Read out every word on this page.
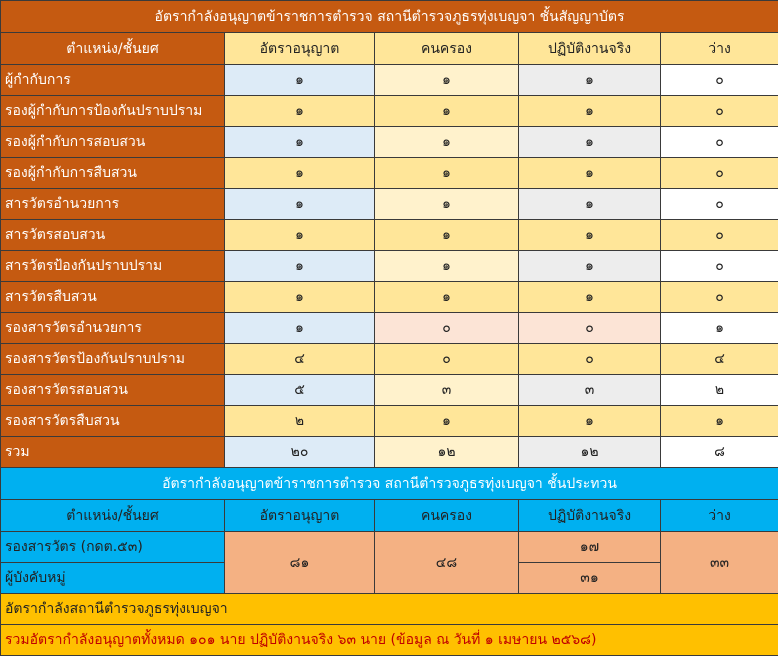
อัตรากำลังอนุญาตข้าราชการตำรวจ สถานีตำรวจภูธรทุ่งเบญจา ชั้นสัญญาบัตร				
ตำแหน่ง/ชั้นยศ	อัตราอนุญาต	คนครอง	ปฏิบัติงานจริง	ว่าง
ผู้กำกับการ	๑	๑	๑	๐
รองผู้กำกับการป้องกันปราบปราม	๑	๑	๑	๐
รองผู้กำกับการสอบสวน	๑	๑	๑	๐
รองผู้กำกับการสืบสวน	๑	๑	๑	๐
สารวัตรอำนวยการ	๑	๑	๑	๐
สารวัตรสอบสวน	๑	๑	๑	๐
สารวัตรป้องกันปราบปราม	๑	๑	๑	๐
สารวัตรสืบสวน	๑	๑	๑	๐
รองสารวัตรอำนวยการ	๑	๐	๐	๑
รองสารวัตรป้องกันปราบปราม	๔	๐	๐	๔
รองสารวัตรสอบสวน	๕	๓	๓	๒
รองสารวัตรสืบสวน	๒	๑	๑	๑
รวม	๒๐	๑๒	๑๒	๘
อัตรากำลังอนุญาตข้าราชการตำรวจ สถานีตำรวจภูธรทุ่งเบญจา ชั้นประทวน				
ตำแหน่ง/ชั้นยศ	อัตราอนุญาต	คนครอง	ปฏิบัติงานจริง	ว่าง
รองสารวัตร (กดต.๕๓)	๘๑	๔๘	๑๗	๓๓
ผู้บังคับหมู่			๓๑	
อัตรากำลังสถานีตำรวจภูธรทุ่งเบญจา				
รวมอัตรากำลังอนุญาตทั้งหมด ๑๐๑ นาย ปฏิบัติงานจริง ๖๓ นาย (ข้อมูล ณ วันที่ ๑ เมษายน ๒๕๖๘)				
